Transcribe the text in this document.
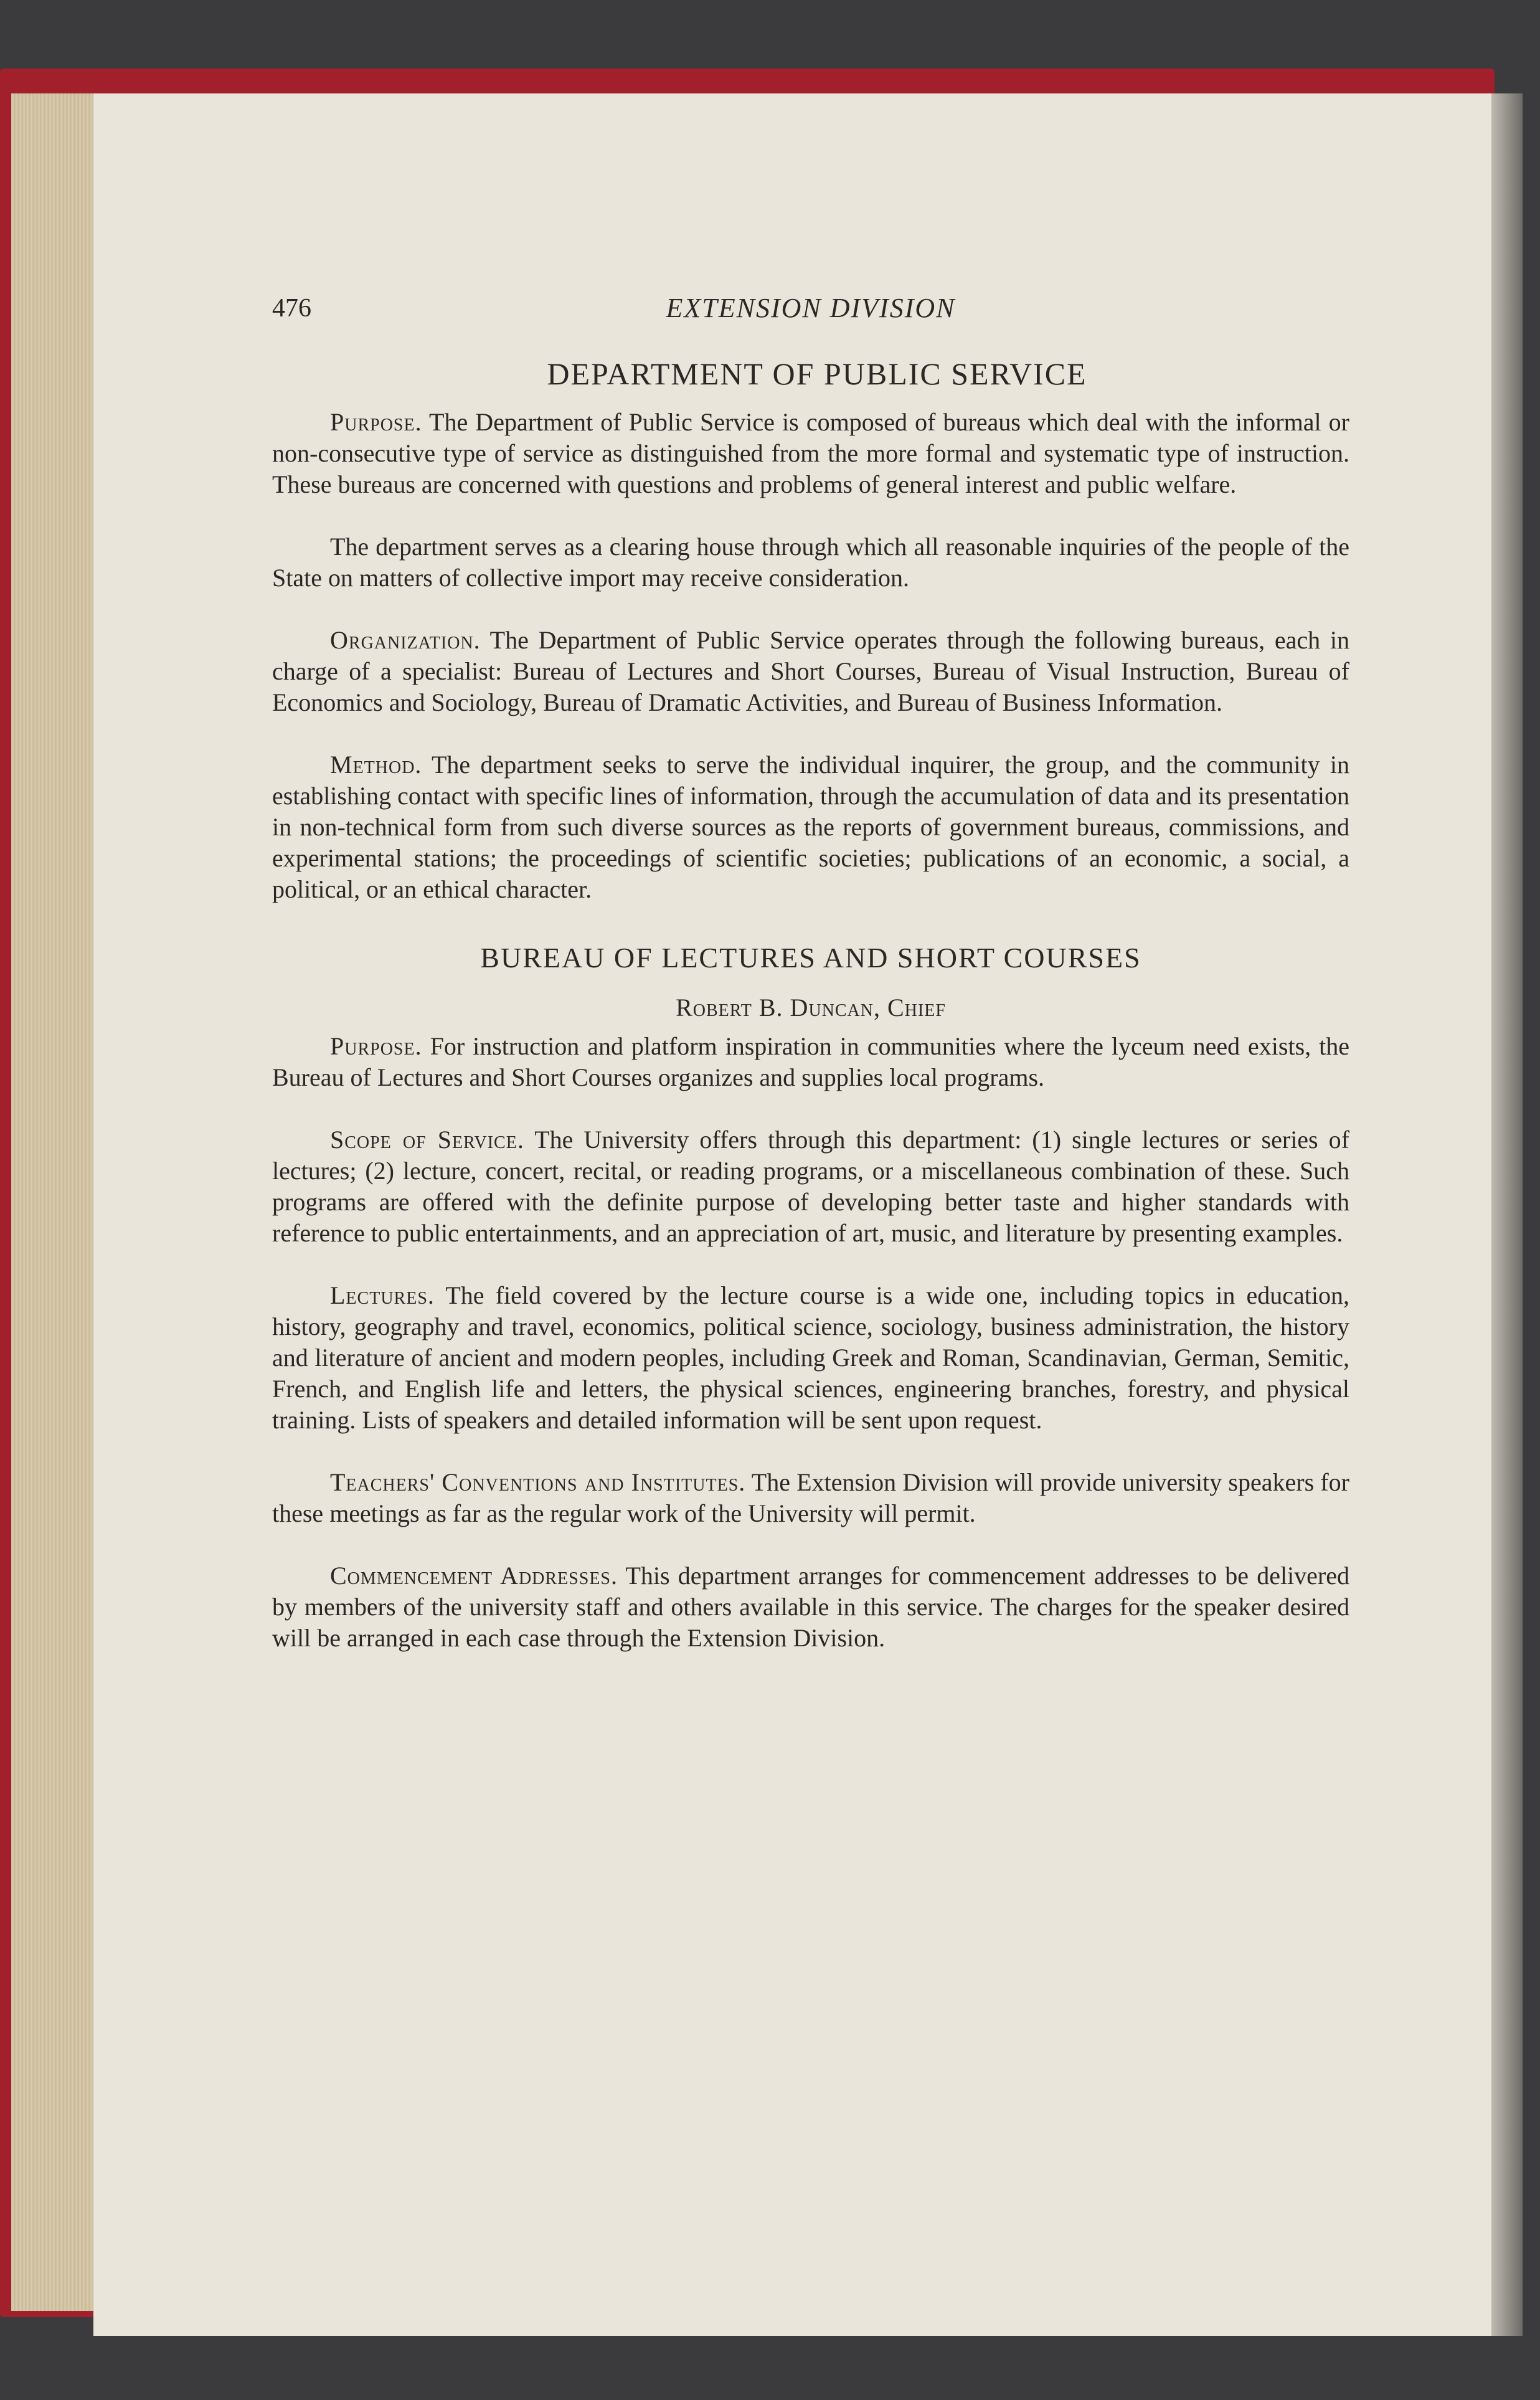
476	EXTENSION DIVISION
DEPARTMENT OF PUBLIC SERVICE

Purpose. The Department of Public Service is composed of bureaus which deal with the informal or non-consecutive type of service as distinguished from the more formal and systematic type of instruction. These bureaus are concerned with questions and problems of general interest and public welfare.

The department serves as a clearing house through which all reasonable inquiries of the people of the State on matters of collective import may receive consideration.

Organization. The Department of Public Service operates through the following bureaus, each in charge of a specialist: Bureau of Lectures and Short Courses, Bureau of Visual Instruction, Bureau of Economics and Sociology, Bureau of Dramatic Activities, and Bureau of Business Information.

Method. The department seeks to serve the individual inquirer, the group, and the community in establishing contact with specific lines of information, through the accumulation of data and its presentation in non-technical form from such diverse sources as the reports of government bureaus, commissions, and experimental stations; the proceedings of scientific societies; publications of an economic, a social, a political, or an ethical character.

BUREAU OF LECTURES AND SHORT COURSES
Robert B. Duncan, Chief

Purpose. For instruction and platform inspiration in communities where the lyceum need exists, the Bureau of Lectures and Short Courses organizes and supplies local programs.

Scope of Service. The University offers through this department: (1) single lectures or series of lectures; (2) lecture, concert, recital, or reading programs, or a miscellaneous combination of these. Such programs are offered with the definite purpose of developing better taste and higher standards with reference to public entertainments, and an appreciation of art, music, and literature by presenting examples.

Lectures. The field covered by the lecture course is a wide one, including topics in education, history, geography and travel, economics, political science, sociology, business administration, the history and literature of ancient and modern peoples, including Greek and Roman, Scandinavian, German, Semitic, French, and English life and letters, the physical sciences, engineering branches, forestry, and physical training. Lists of speakers and detailed information will be sent upon request.

Teachers' Conventions and Institutes. The Extension Division will provide university speakers for these meetings as far as the regular work of the University will permit.

Commencement Addresses. This department arranges for commencement addresses to be delivered by members of the university staff and others available in this service. The charges for the speaker desired will be arranged in each case through the Extension Division.
